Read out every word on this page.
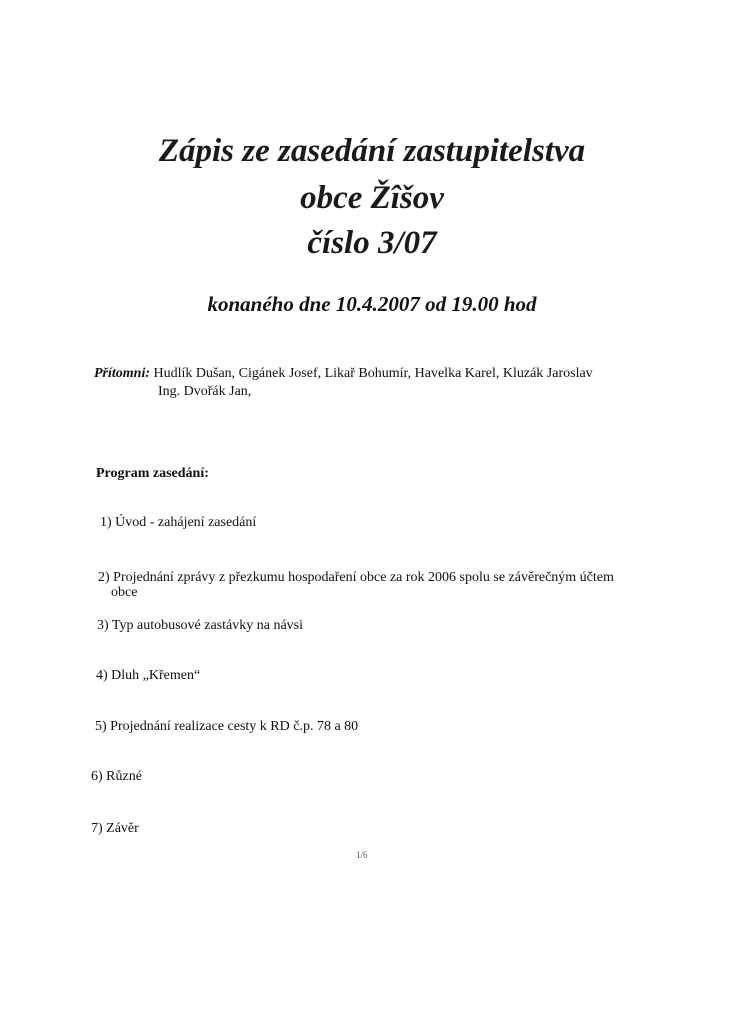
Zápis ze zasedání zastupitelstva
obce Žîšov
číslo 3/07
konaného dne 10.4.2007 od 19.00 hod
Přítomni: Hudlík Dušan, Cigánek Josef, Likař Bohumír, Havelka Karel, Kluzák Jaroslav
Ing. Dvořák Jan,
Program zasedání:
1) Úvod - zahájení zasedání
2) Projednání zprávy z přezkumu hospodaření obce za rok 2006 spolu se závěrečným účtem
obce
3) Typ autobusové zastávky na návsi
4) Dluh „Křemen“
5) Projednání realizace cesty k RD č.p. 78 a 80
6) Různé
7) Závěr
1/6
